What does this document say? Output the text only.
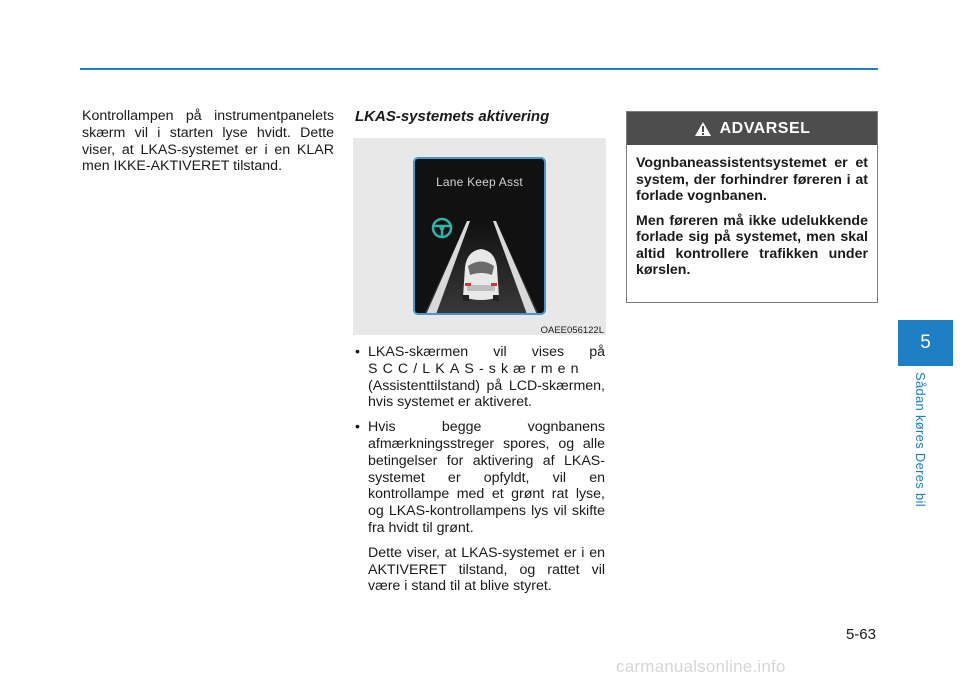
Kontrollampen på instrumentpanelets skærm vil i starten lyse hvidt. Dette viser, at LKAS-systemet er i en KLAR men IKKE-AKTIVERET tilstand.
LKAS-systemets aktivering
Lane Keep Asst
OAEE056122L
• LKAS-skærmen vil vises på SCC/LKAS-skærmen (Assistenttilstand) på LCD-skærmen, hvis systemet er aktiveret.
• Hvis begge vognbanens afmærkningsstreger spores, og alle betingelser for aktivering af LKAS-systemet er opfyldt, vil en kontrollampe med et grønt rat lyse, og LKAS-kontrollampens lys vil skifte fra hvidt til grønt.
Dette viser, at LKAS-systemet er i en AKTIVERET tilstand, og rattet vil være i stand til at blive styret.
ADVARSEL

Vognbaneassistentsystemet er et system, der forhindrer føreren i at forlade vognbanen.

Men føreren må ikke udelukkende forlade sig på systemet, men skal altid kontrollere trafikken under kørslen.

5
Sådan køres Deres bil
5-63
carmanualsonline.info
